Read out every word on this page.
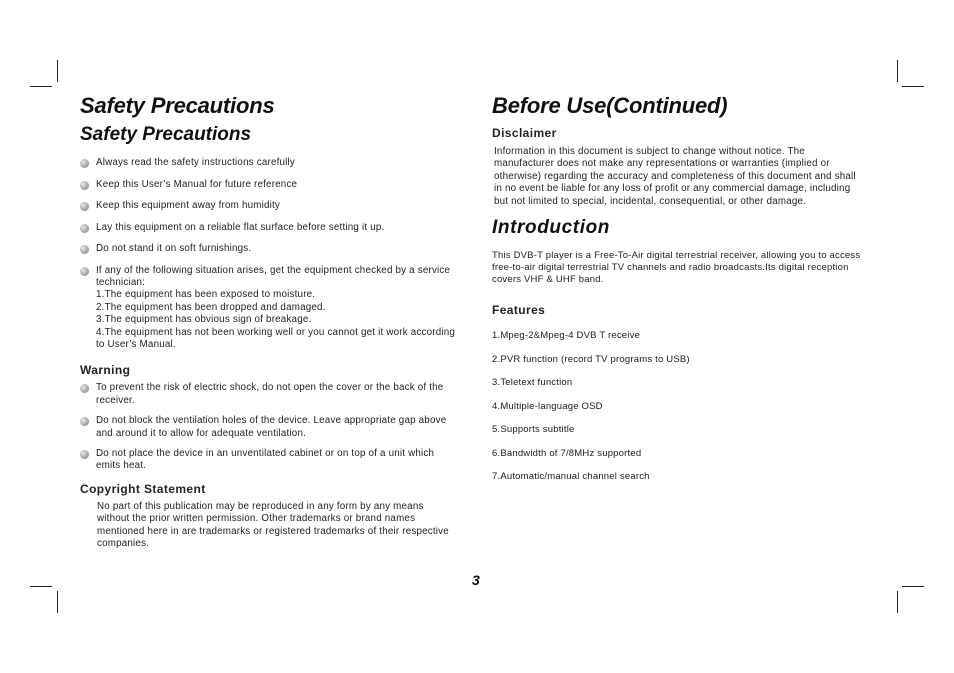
Safety Precautions
Safety Precautions
Always read the safety instructions carefully
Keep this User’s Manual for future reference
Keep this equipment away from humidity
Lay this equipment on a reliable flat surface before setting it up.
Do not stand it on soft furnishings.
If any of the following situation arises, get the equipment checked by a service technician:
1.The equipment has been exposed to moisture.
2.The equipment has been dropped and damaged.
3.The equipment has obvious sign of breakage.
4.The equipment has not been working well or you cannot get it work according to User’s Manual.
Warning
To prevent the risk of electric shock, do not open the cover or the back of the receiver.
Do not block the ventilation holes of the device. Leave appropriate gap above and around it to allow for adequate ventilation.
Do not place the device in an unventilated cabinet or on top of a unit which emits heat.
Copyright Statement

No part of this publication may be reproduced in any form by any means without the prior written permission. Other trademarks or brand names mentioned here in are trademarks or registered trademarks of their respective companies.

Before Use(Continued)
Disclaimer

Information in this document is subject to change without notice. The manufacturer does not make any representations or warranties (implied or otherwise) regarding the accuracy and completeness of this document and shall in no event be liable for any loss of profit or any commercial damage, including but not limited to special, incidental, consequential, or other damage.

Introduction

This DVB-T player is a Free-To-Air digital terrestrial receiver, allowing you to access free-to-air digital terrestrial TV channels and radio broadcasts.Its digital reception covers VHF & UHF band.

Features

1.Mpeg-2&Mpeg-4 DVB T receive

2.PVR function (record TV programs to USB)

3.Teletext function

4.Multiple-language OSD

5.Supports subtitle

6.Bandwidth of 7/8MHz supported

7.Automatic/manual channel search

3
